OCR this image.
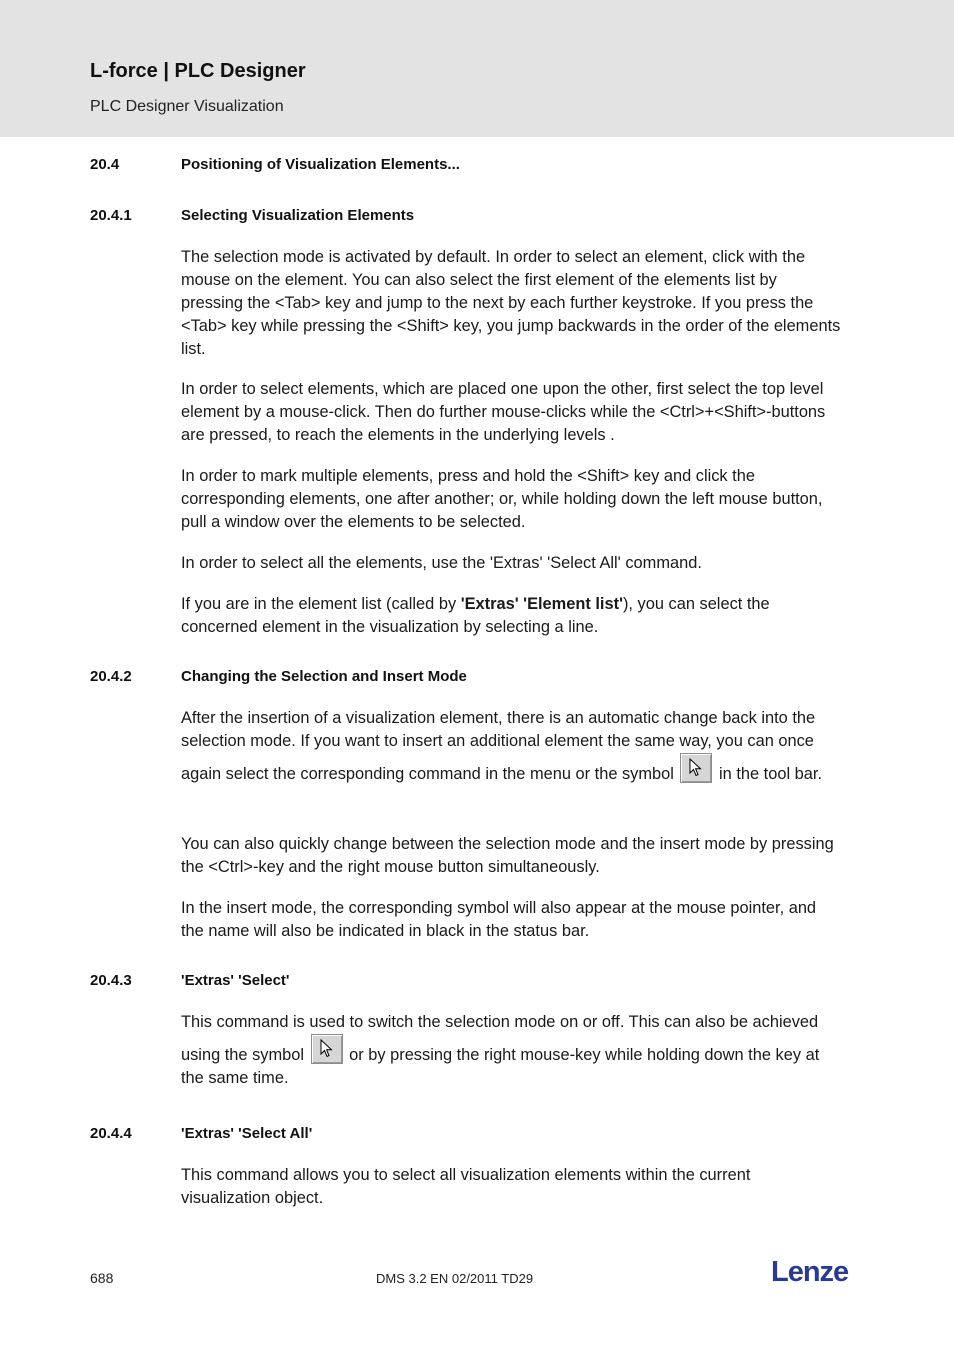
L-force | PLC Designer
PLC Designer Visualization
20.4	Positioning of Visualization Elements...
20.4.1	Selecting Visualization Elements
The selection mode is activated by default. In order to select an element, click with the mouse on the element. You can also select the first element of the elements list by pressing the <Tab> key and jump to the next by each further keystroke. If you press the <Tab> key while pressing the <Shift> key, you jump backwards in the order of the elements list.
In order to select elements, which are placed one upon the other, first select the top level element by a mouse-click. Then do further mouse-clicks while the <Ctrl>+<Shift>-buttons are pressed, to reach the elements in the underlying levels .
In order to mark multiple elements, press and hold the <Shift> key and click the corresponding elements, one after another; or, while holding down the left mouse button, pull a window over the elements to be selected.
In order to select all the elements, use the 'Extras' 'Select All' command.
If you are in the element list (called by 'Extras' 'Element list'), you can select the concerned element in the visualization by selecting a line.
20.4.2	Changing the Selection and Insert Mode
After the insertion of a visualization element, there is an automatic change back into the selection mode. If you want to insert an additional element the same way, you can once again select the corresponding command in the menu or the symbol	in the tool bar.
You can also quickly change between the selection mode and the insert mode by pressing the <Ctrl>-key and the right mouse button simultaneously.
In the insert mode, the corresponding symbol will also appear at the mouse pointer, and the name will also be indicated in black in the status bar.
20.4.3	'Extras' 'Select'
This command is used to switch the selection mode on or off. This can also be achieved using the symbol	or by pressing the right mouse-key while holding down the key at the same time.
20.4.4	'Extras' 'Select All'
This command allows you to select all visualization elements within the current visualization object.
688	DMS 3.2 EN 02/2011 TD29	Lenze
